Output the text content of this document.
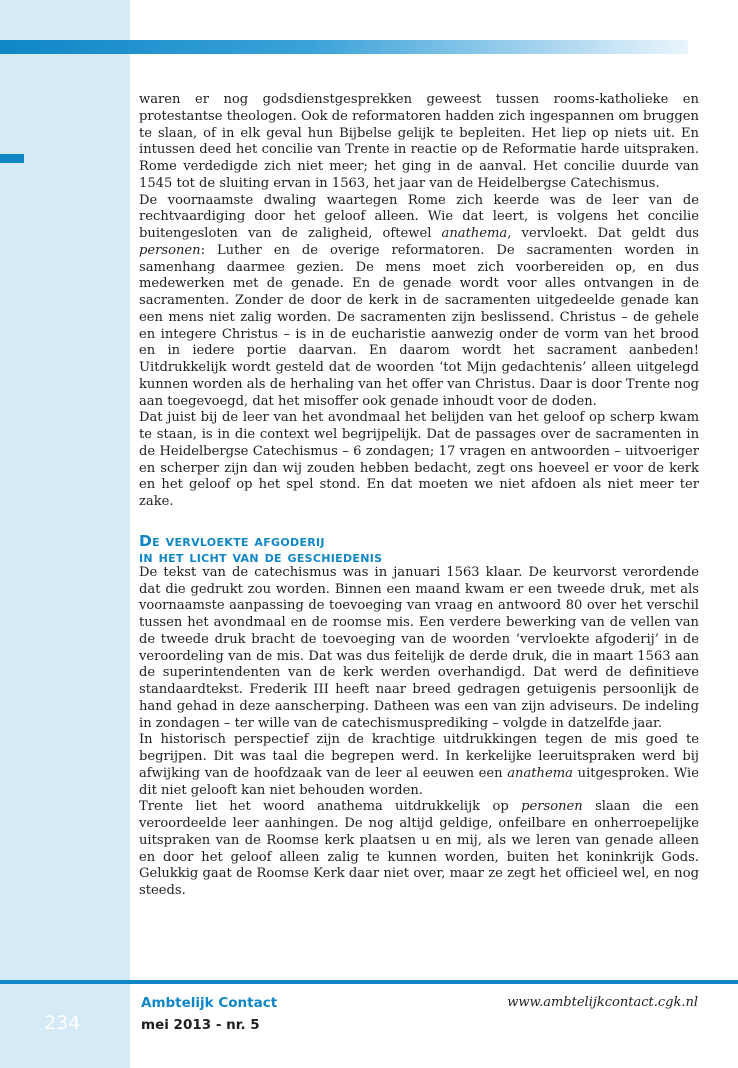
waren er nog godsdienstgesprekken geweest tussen rooms-katholieke en protestantse theologen. Ook de reformatoren hadden zich ingespannen om bruggen te slaan, of in elk geval hun Bijbelse gelijk te bepleiten. Het liep op niets uit. En intussen deed het concilie van Trente in reactie op de Reformatie harde uitspraken. Rome verdedigde zich niet meer; het ging in de aanval. Het concilie duurde van 1545 tot de sluiting ervan in 1563, het jaar van de Heidelbergse Catechismus.

De voornaamste dwaling waartegen Rome zich keerde was de leer van de rechtvaardiging door het geloof alleen. Wie dat leert, is volgens het concilie buitengesloten van de zaligheid, oftewel anathema, vervloekt. Dat geldt dus personen: Luther en de overige reformatoren. De sacramenten worden in samenhang daarmee gezien. De mens moet zich voorbereiden op, en dus medewerken met de genade. En de genade wordt voor alles ontvangen in de sacramenten. Zonder de door de kerk in de sacramenten uitgedeelde genade kan een mens niet zalig worden. De sacramenten zijn beslissend. Christus – de gehele en integere Christus – is in de eucharistie aanwezig onder de vorm van het brood en in iedere portie daarvan. En daarom wordt het sacrament aanbeden! Uitdrukkelijk wordt gesteld dat de woorden ‘tot Mijn gedachtenis’ alleen uitgelegd kunnen worden als de herhaling van het offer van Christus. Daar is door Trente nog aan toegevoegd, dat het misoffer ook genade inhoudt voor de doden.

Dat juist bij de leer van het avondmaal het belijden van het geloof op scherp kwam te staan, is in die context wel begrijpelijk. Dat de passages over de sacramenten in de Heidelbergse Catechismus – 6 zondagen; 17 vragen en antwoorden – uitvoeriger en scherper zijn dan wij zouden hebben bedacht, zegt ons hoeveel er voor de kerk en het geloof op het spel stond. En dat moeten we niet afdoen als niet meer ter zake.

De vervloekte afgoderij
in het licht van de geschiedenis

De tekst van de catechismus was in januari 1563 klaar. De keurvorst verordende dat die gedrukt zou worden. Binnen een maand kwam er een tweede druk, met als voornaamste aanpassing de toevoeging van vraag en antwoord 80 over het verschil tussen het avondmaal en de roomse mis. Een verdere bewerking van de vellen van de tweede druk bracht de toevoeging van de woorden ‘vervloekte afgoderij’ in de veroordeling van de mis. Dat was dus feitelijk de derde druk, die in maart 1563 aan de superintendenten van de kerk werden overhandigd. Dat werd de definitieve standaardtekst. Frederik III heeft naar breed gedragen getuigenis persoonlijk de hand gehad in deze aanscherping. Datheen was een van zijn adviseurs. De indeling in zondagen – ter wille van de catechismusprediking – volgde in datzelfde jaar.

In historisch perspectief zijn de krachtige uitdrukkingen tegen de mis goed te begrijpen. Dit was taal die begrepen werd. In kerkelijke leeruitspraken werd bij afwijking van de hoofdzaak van de leer al eeuwen een anathema uitgesproken. Wie dit niet gelooft kan niet behouden worden.

Trente liet het woord anathema uitdrukkelijk op personen slaan die een veroordeelde leer aanhingen. De nog altijd geldige, onfeilbare en onherroepelijke uitspraken van de Roomse kerk plaatsen u en mij, als we leren van genade alleen en door het geloof alleen zalig te kunnen worden, buiten het koninkrijk Gods. Gelukkig gaat de Roomse Kerk daar niet over, maar ze zegt het officieel wel, en nog steeds.

234
Ambtelijk Contact
mei 2013 - nr. 5
www.ambtelijkcontact.cgk.nl
